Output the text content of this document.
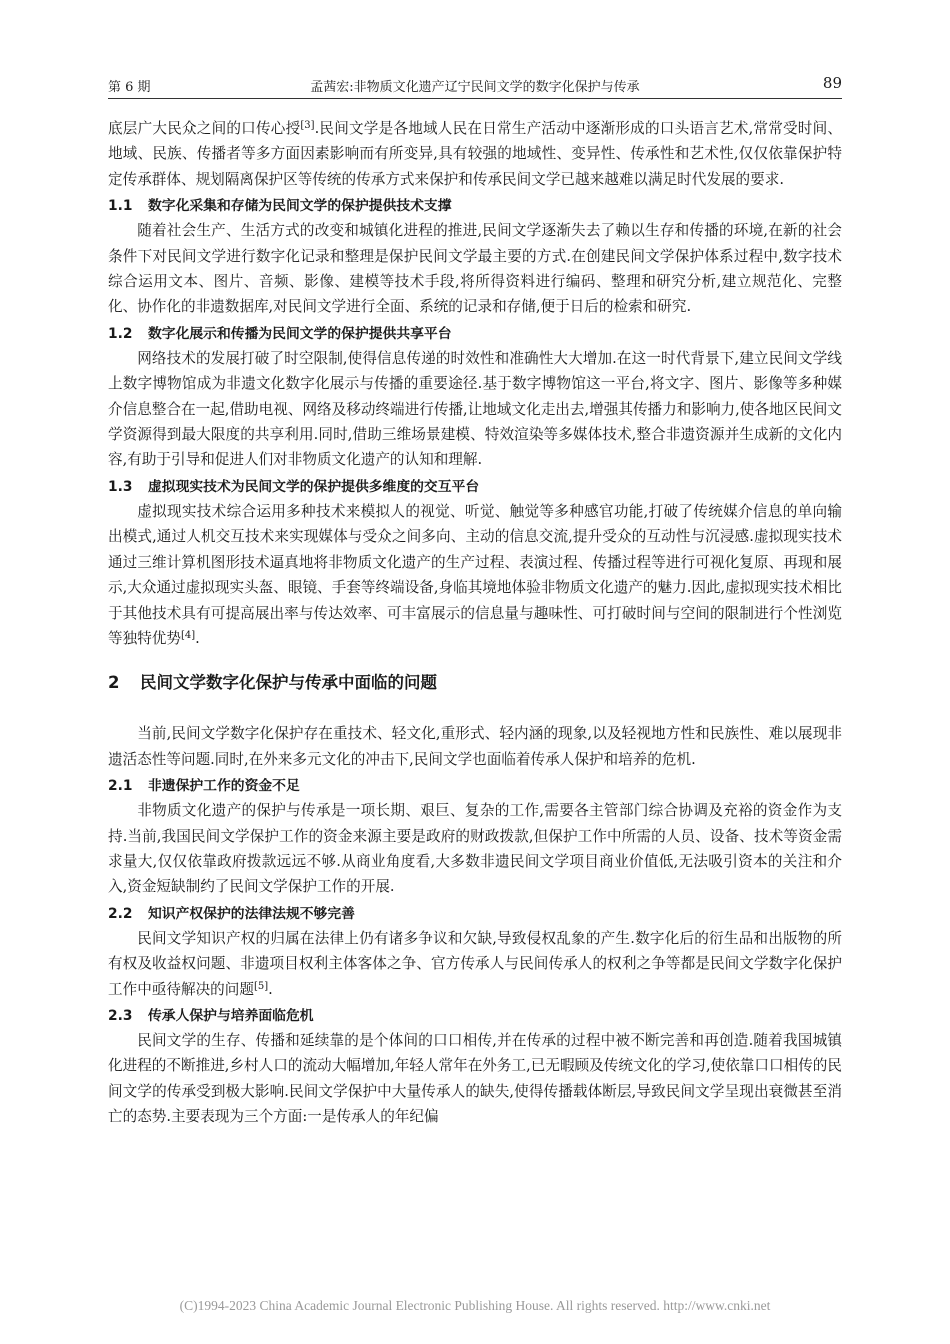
第 6 期	孟茜宏:非物质文化遗产辽宁民间文学的数字化保护与传承	89

底层广大民众之间的口传心授[3].民间文学是各地域人民在日常生产活动中逐渐形成的口头语言艺术,常常受时间、地域、民族、传播者等多方面因素影响而有所变异,具有较强的地域性、变异性、传承性和艺术性,仅仅依靠保护特定传承群体、规划隔离保护区等传统的传承方式来保护和传承民间文学已越来越难以满足时代发展的要求.

1.1 数字化采集和存储为民间文学的保护提供技术支撑

随着社会生产、生活方式的改变和城镇化进程的推进,民间文学逐渐失去了赖以生存和传播的环境,在新的社会条件下对民间文学进行数字化记录和整理是保护民间文学最主要的方式.在创建民间文学保护体系过程中,数字技术综合运用文本、图片、音频、影像、建模等技术手段,将所得资料进行编码、整理和研究分析,建立规范化、完整化、协作化的非遗数据库,对民间文学进行全面、系统的记录和存储,便于日后的检索和研究.

1.2 数字化展示和传播为民间文学的保护提供共享平台

网络技术的发展打破了时空限制,使得信息传递的时效性和准确性大大增加.在这一时代背景下,建立民间文学线上数字博物馆成为非遗文化数字化展示与传播的重要途径.基于数字博物馆这一平台,将文字、图片、影像等多种媒介信息整合在一起,借助电视、网络及移动终端进行传播,让地域文化走出去,增强其传播力和影响力,使各地区民间文学资源得到最大限度的共享利用.同时,借助三维场景建模、特效渲染等多媒体技术,整合非遗资源并生成新的文化内容,有助于引导和促进人们对非物质文化遗产的认知和理解.

1.3 虚拟现实技术为民间文学的保护提供多维度的交互平台

虚拟现实技术综合运用多种技术来模拟人的视觉、听觉、触觉等多种感官功能,打破了传统媒介信息的单向输出模式,通过人机交互技术来实现媒体与受众之间多向、主动的信息交流,提升受众的互动性与沉浸感.虚拟现实技术通过三维计算机图形技术逼真地将非物质文化遗产的生产过程、表演过程、传播过程等进行可视化复原、再现和展示,大众通过虚拟现实头盔、眼镜、手套等终端设备,身临其境地体验非物质文化遗产的魅力.因此,虚拟现实技术相比于其他技术具有可提高展出率与传达效率、可丰富展示的信息量与趣味性、可打破时间与空间的限制进行个性浏览等独特优势[4].

2 民间文学数字化保护与传承中面临的问题

当前,民间文学数字化保护存在重技术、轻文化,重形式、轻内涵的现象,以及轻视地方性和民族性、难以展现非遗活态性等问题.同时,在外来多元文化的冲击下,民间文学也面临着传承人保护和培养的危机.

2.1 非遗保护工作的资金不足

非物质文化遗产的保护与传承是一项长期、艰巨、复杂的工作,需要各主管部门综合协调及充裕的资金作为支持.当前,我国民间文学保护工作的资金来源主要是政府的财政拨款,但保护工作中所需的人员、设备、技术等资金需求量大,仅仅依靠政府拨款远远不够.从商业角度看,大多数非遗民间文学项目商业价值低,无法吸引资本的关注和介入,资金短缺制约了民间文学保护工作的开展.

2.2 知识产权保护的法律法规不够完善

民间文学知识产权的归属在法律上仍有诸多争议和欠缺,导致侵权乱象的产生.数字化后的衍生品和出版物的所有权及收益权问题、非遗项目权利主体客体之争、官方传承人与民间传承人的权利之争等都是民间文学数字化保护工作中亟待解决的问题[5].

2.3 传承人保护与培养面临危机

民间文学的生存、传播和延续靠的是个体间的口口相传,并在传承的过程中被不断完善和再创造.随着我国城镇化进程的不断推进,乡村人口的流动大幅增加,年轻人常年在外务工,已无暇顾及传统文化的学习,使依靠口口相传的民间文学的传承受到极大影响.民间文学保护中大量传承人的缺失,使得传播载体断层,导致民间文学呈现出衰微甚至消亡的态势.主要表现为三个方面:一是传承人的年纪偏

(C)1994-2023 China Academic Journal Electronic Publishing House. All rights reserved. http://www.cnki.net
